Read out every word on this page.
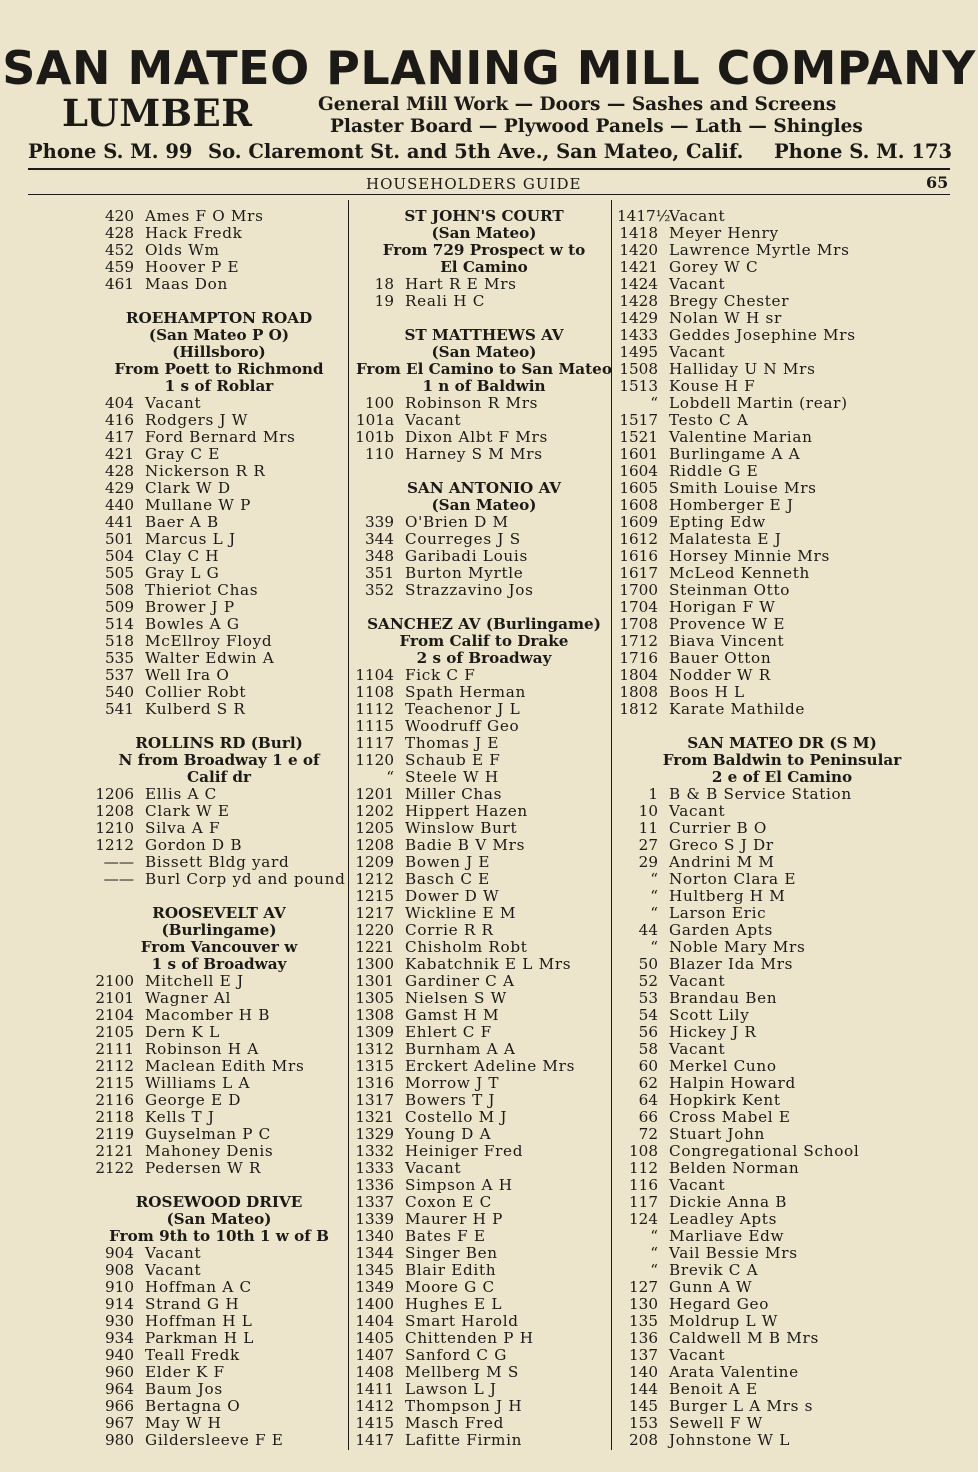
SAN MATEO PLANING MILL COMPANY
LUMBER	General Mill Work — Doors — Sashes and Screens
Plaster Board — Plywood Panels — Lath — Shingles
Phone S. M. 99 So. Claremont St. and 5th Ave., San Mateo, Calif. Phone S. M. 173
HOUSEHOLDERS GUIDE	65
420 Ames F O Mrs
428 Hack Fredk
452 Olds Wm
459 Hoover P E
461 Maas Don
ROEHAMPTON ROAD
(San Mateo P O)
(Hillsboro)
From Poett to Richmond
1 s of Roblar
404 Vacant
416 Rodgers J W
417 Ford Bernard Mrs
421 Gray C E
428 Nickerson R R
429 Clark W D
440 Mullane W P
441 Baer A B
501 Marcus L J
504 Clay C H
505 Gray L G
508 Thieriot Chas
509 Brower J P
514 Bowles A G
518 McEllroy Floyd
535 Walter Edwin A
537 Well Ira O
540 Collier Robt
541 Kulberd S R
ROLLINS RD (Burl)
N from Broadway 1 e of
Calif dr
1206 Ellis A C
1208 Clark W E
1210 Silva A F
1212 Gordon D B
—— Bissett Bldg yard
—— Burl Corp yd and pound
ROOSEVELT AV
(Burlingame)
From Vancouver w
1 s of Broadway
2100 Mitchell E J
2101 Wagner Al
2104 Macomber H B
2105 Dern K L
2111 Robinson H A
2112 Maclean Edith Mrs
2115 Williams L A
2116 George E D
2118 Kells T J
2119 Guyselman P C
2121 Mahoney Denis
2122 Pedersen W R
ROSEWOOD DRIVE
(San Mateo)
From 9th to 10th 1 w of B
904 Vacant
908 Vacant
910 Hoffman A C
914 Strand G H
930 Hoffman H L
934 Parkman H L
940 Teall Fredk
960 Elder K F
964 Baum Jos
966 Bertagna O
967 May W H
980 Gildersleeve F E
ST JOHN'S COURT
(San Mateo)
From 729 Prospect w to
El Camino
18 Hart R E Mrs
19 Reali H C
ST MATTHEWS AV
(San Mateo)
From El Camino to San Mateo
1 n of Baldwin
100 Robinson R Mrs
101a Vacant
101b Dixon Albt F Mrs
110 Harney S M Mrs
SAN ANTONIO AV
(San Mateo)
339 O'Brien D M
344 Courreges J S
348 Garibadi Louis
351 Burton Myrtle
352 Strazzavino Jos
SANCHEZ AV (Burlingame)
From Calif to Drake
2 s of Broadway
1104 Fick C F
1108 Spath Herman
1112 Teachenor J L
1115 Woodruff Geo
1117 Thomas J E
1120 Schaub E F
“ Steele W H
1201 Miller Chas
1202 Hippert Hazen
1205 Winslow Burt
1208 Badie B V Mrs
1209 Bowen J E
1212 Basch C E
1215 Dower D W
1217 Wickline E M
1220 Corrie R R
1221 Chisholm Robt
1300 Kabatchnik E L Mrs
1301 Gardiner C A
1305 Nielsen S W
1308 Gamst H M
1309 Ehlert C F
1312 Burnham A A
1315 Erckert Adeline Mrs
1316 Morrow J T
1317 Bowers T J
1321 Costello M J
1329 Young D A
1332 Heiniger Fred
1333 Vacant
1336 Simpson A H
1337 Coxon E C
1339 Maurer H P
1340 Bates F E
1344 Singer Ben
1345 Blair Edith
1349 Moore G C
1400 Hughes E L
1404 Smart Harold
1405 Chittenden P H
1407 Sanford C G
1408 Mellberg M S
1411 Lawson L J
1412 Thompson J H
1415 Masch Fred
1417 Lafitte Firmin
1417½
Vacant
1418 Meyer Henry
1420 Lawrence Myrtle Mrs
1421 Gorey W C
1424 Vacant
1428 Bregy Chester
1429 Nolan W H sr
1433 Geddes Josephine Mrs
1495 Vacant
1508 Halliday U N Mrs
1513 Kouse H F
“ Lobdell Martin (rear)
1517 Testo C A
1521 Valentine Marian
1601 Burlingame A A
1604 Riddle G E
1605 Smith Louise Mrs
1608 Homberger E J
1609 Epting Edw
1612 Malatesta E J
1616 Horsey Minnie Mrs
1617 McLeod Kenneth
1700 Steinman Otto
1704 Horigan F W
1708 Provence W E
1712 Biava Vincent
1716 Bauer Otton
1804 Nodder W R
1808 Boos H L
1812 Karate Mathilde
SAN MATEO DR (S M)
From Baldwin to Peninsular
2 e of El Camino
1 B & B Service Station
10 Vacant
11 Currier B O
27 Greco S J Dr
29 Andrini M M
“ Norton Clara E
“ Hultberg H M
“ Larson Eric
44 Garden Apts
“ Noble Mary Mrs
50 Blazer Ida Mrs
52 Vacant
53 Brandau Ben
54 Scott Lily
56 Hickey J R
58 Vacant
60 Merkel Cuno
62 Halpin Howard
64 Hopkirk Kent
66 Cross Mabel E
72 Stuart John
108 Congregational School
112 Belden Norman
116 Vacant
117 Dickie Anna B
124 Leadley Apts
“ Marliave Edw
“ Vail Bessie Mrs
“ Brevik C A
127 Gunn A W
130 Hegard Geo
135 Moldrup L W
136 Caldwell M B Mrs
137 Vacant
140 Arata Valentine
144 Benoit A E
145 Burger L A Mrs s
153 Sewell F W
208 Johnstone W L
